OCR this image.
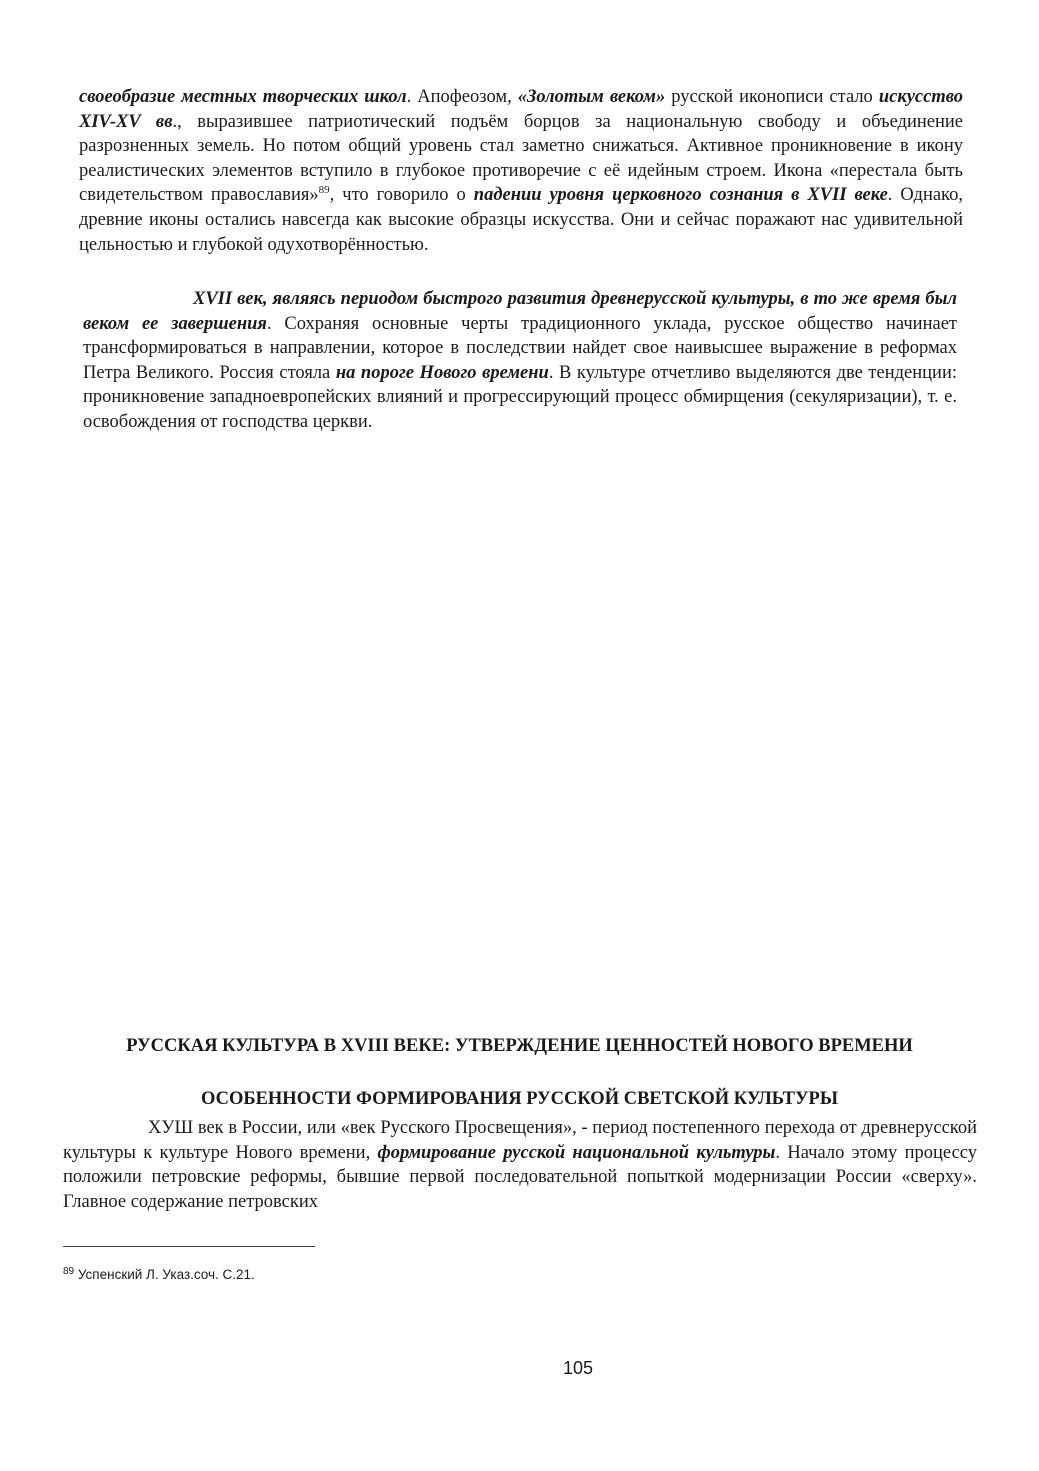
своеобразие местных творческих школ. Апофеозом, «Золотым веком» русской иконописи стало искусство XIV-XV вв., выразившее патриотический подъём борцов за национальную свободу и объединение разрозненных земель. Но потом общий уровень стал заметно снижаться. Активное проникновение в икону реалистических элементов вступило в глубокое противоречие с её идейным строем. Икона «перестала быть свидетельством православия»$^{89}$, что говорило о падении уровня церковного сознания в XVII веке. Однако, древние иконы остались навсегда как высокие образцы искусства. Они и сейчас поражают нас удивительной цельностью и глубокой одухотворённостью.

XVII век, являясь периодом быстрого развития древнерусской культуры, в то же время был веком ее завершения. Сохраняя основные черты традиционного уклада, русское общество начинает трансформироваться в направлении, которое в последствии найдет свое наивысшее выражение в реформах Петра Великого. Россия стояла на пороге Нового времени. В культуре отчетливо выделяются две тенденции: проникновение западноевропейских влияний и прогрессирующий процесс обмирщения (секуляризации), т. е. освобождения от господства церкви.

РУССКАЯ КУЛЬТУРА В XVIII ВЕКЕ: УТВЕРЖДЕНИЕ ЦЕННОСТЕЙ НОВОГО ВРЕМЕНИ
ОСОБЕННОСТИ ФОРМИРОВАНИЯ РУССКОЙ СВЕТСКОЙ КУЛЬТУРЫ

ХУШ век в России, или «век Русского Просвещения», - период постепенного перехода от древнерусской культуры к культуре Нового времени, формирование русской национальной культуры. Начало этому процессу положили петровские реформы, бывшие первой последовательной попыткой модернизации России «сверху». Главное содержание петровских

$^{89}$ Успенский Л. Указ.соч. С.21.

105
